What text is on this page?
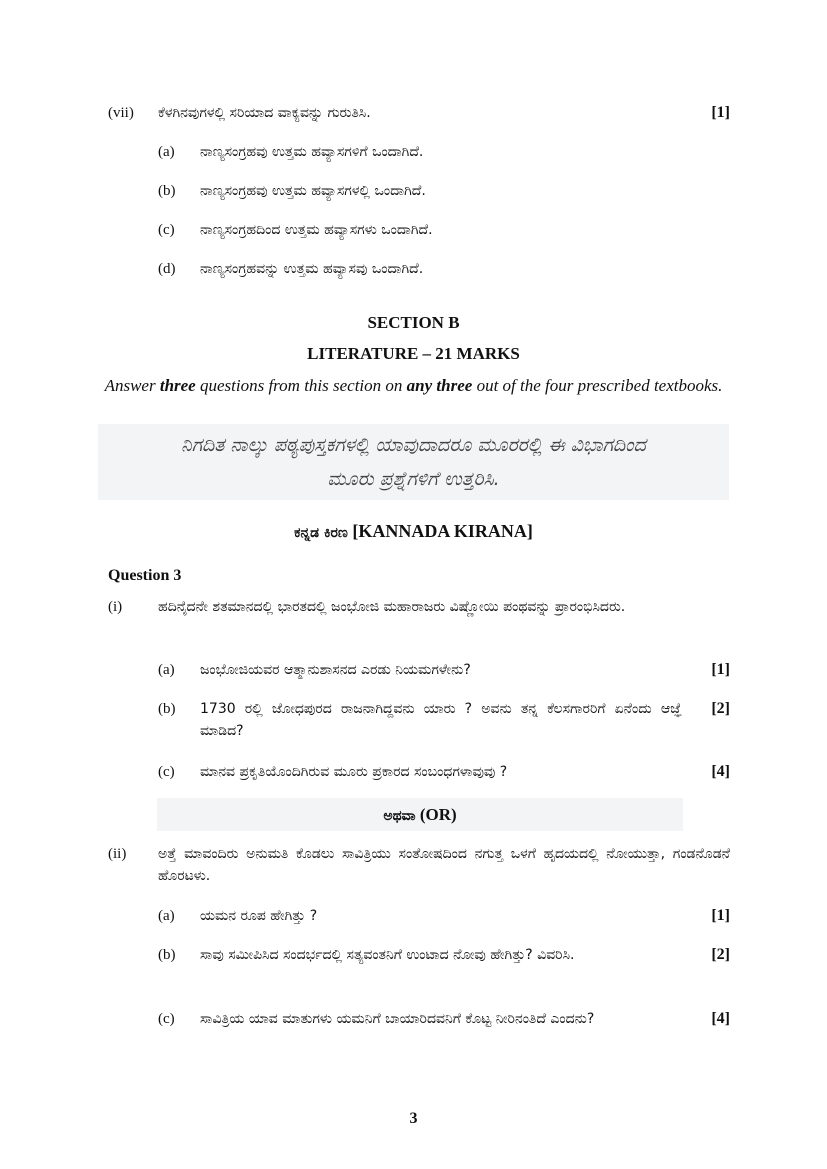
(vii) ಕೆಳಗಿನವುಗಳಲ್ಲಿ ಸರಿಯಾದ ವಾಕ್ಯವನ್ನು ಗುರುತಿಸಿ.	[1]
(a) ನಾಣ್ಯಸಂಗ್ರಹವು ಉತ್ತಮ ಹವ್ಯಾಸಗಳಿಗೆ ಒಂದಾಗಿದೆ.
(b) ನಾಣ್ಯಸಂಗ್ರಹವು ಉತ್ತಮ ಹವ್ಯಾಸಗಳಲ್ಲಿ ಒಂದಾಗಿದೆ.
(c) ನಾಣ್ಯಸಂಗ್ರಹದಿಂದ ಉತ್ತಮ ಹವ್ಯಾಸಗಳು ಒಂದಾಗಿದೆ.
(d) ನಾಣ್ಯಸಂಗ್ರಹವನ್ನು ಉತ್ತಮ ಹವ್ಯಾಸವು ಒಂದಾಗಿದೆ.
SECTION B
LITERATURE – 21 MARKS
Answer three questions from this section on any three out of the four prescribed textbooks.
ನಿಗದಿತ ನಾಲ್ಕು ಪಠ್ಯಪುಸ್ತಕಗಳಲ್ಲಿ ಯಾವುದಾದರೂ ಮೂರರಲ್ಲಿ ಈ ವಿಭಾಗದಿಂದ
ಮೂರು ಪ್ರಶ್ನೆಗಳಿಗೆ ಉತ್ತರಿಸಿ.
ಕನ್ನಡ ಕಿರಣ [KANNADA KIRANA]
Question 3
(i)	ಹದಿನೈದನೇ ಶತಮಾನದಲ್ಲಿ ಭಾರತದಲ್ಲಿ ಜಂಭೋಜಿ ಮಹಾರಾಜರು ವಿಷ್ಣೋಯಿ ಪಂಥವನ್ನು ಪ್ರಾರಂಭಿಸಿದರು.
(a) ಜಂಭೋಜಿಯವರ ಆತ್ಮಾನುಶಾಸನದ ಎರಡು ನಿಯಮಗಳೇನು?	[1]
(b) 1730 ರಲ್ಲಿ ಜೋಧಪುರದ ರಾಜನಾಗಿದ್ದವನು ಯಾರು ? ಅವನು ತನ್ನ ಕೆಲಸಗಾರರಿಗೆ ಏನೆಂದು ಆಜ್ಞೆ ಮಾಡಿದ?
[2]
(c) ಮಾನವ ಪ್ರಕೃತಿಯೊಂದಿಗಿರುವ ಮೂರು ಪ್ರಕಾರದ ಸಂಬಂಧಗಳಾವುವು ?	[4]
ಅಥವಾ (OR)
(ii) ಅತ್ತೆ ಮಾವಂದಿರು ಅನುಮತಿ ಕೊಡಲು ಸಾವಿತ್ರಿಯು ಸಂತೋಷದಿಂದ ನಗುತ್ತ ಒಳಗೆ ಹೃದಯದಲ್ಲಿ ನೋಯುತ್ತಾ, ಗಂಡನೊಡನೆ ಹೊರಟಳು.
(a) ಯಮನ ರೂಪ ಹೇಗಿತ್ತು ?	[1]
(b) ಸಾವು ಸಮೀಪಿಸಿದ ಸಂದರ್ಭದಲ್ಲಿ ಸತ್ಯವಂತನಿಗೆ ಉಂಟಾದ ನೋವು ಹೇಗಿತ್ತು? ವಿವರಿಸಿ.	[2]
(c) ಸಾವಿತ್ರಿಯ ಯಾವ ಮಾತುಗಳು ಯಮನಿಗೆ ಬಾಯಾರಿದವನಿಗೆ ಕೊಟ್ಟ ನೀರಿನಂತಿದೆ ಎಂದನು?	[4]
3
